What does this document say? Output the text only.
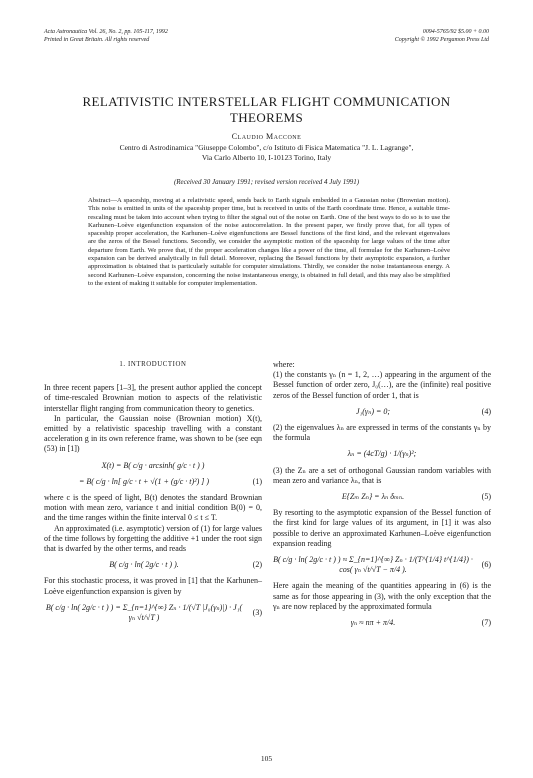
Acta Astronautica Vol. 26, No. 2, pp. 105-117, 1992
Printed in Great Britain. All rights reserved
0094-5765/92 $5.00 + 0.00
Copyright © 1992 Pergamon Press Ltd
RELATIVISTIC INTERSTELLAR FLIGHT COMMUNICATION
THEOREMS
Claudio Maccone
Centro di Astrodinamica "Giuseppe Colombo", c/o Istituto di Fisica Matematica "J. L. Lagrange",
Via Carlo Alberto 10, I-10123 Torino, Italy
(Received 30 January 1991; revised version received 4 July 1991)
Abstract—A spaceship, moving at a relativistic speed, sends back to Earth signals embedded in a Gaussian noise (Brownian motion). This noise is emitted in units of the spaceship proper time, but is received in units of the Earth coordinate time. Hence, a suitable time-rescaling must be taken into account when trying to filter the signal out of the noise on Earth. One of the best ways to do so is to use the Karhunen–Loève eigenfunction expansion of the noise autocorrelation. In the present paper, we firstly prove that, for all types of spaceship proper acceleration, the Karhunen–Loève eigenfunctions are Bessel functions of the first kind, and the relevant eigenvalues are the zeros of the Bessel functions. Secondly, we consider the asymptotic motion of the spaceship for large values of the time after departure from Earth. We prove that, if the proper acceleration changes like a power of the time, all formulae for the Karhunen–Loève expansion can be derived analytically in full detail. Moreover, replacing the Bessel functions by their asymptotic expansion, a further approximation is obtained that is particularly suitable for computer simulations. Thirdly, we consider the noise instantaneous energy. A second Karhunen–Loève expansion, concerning the noise instantaneous energy, is obtained in full detail, and this may also be simplified to the extent of making it suitable for computer implementation.
1. INTRODUCTION

In three recent papers [1–3], the present author applied the concept of time-rescaled Brownian motion to aspects of the relativistic interstellar flight ranging from communication theory to genetics.

In particular, the Gaussian noise (Brownian motion) X(t), emitted by a relativistic spaceship travelling with a constant acceleration g in its own reference frame, was shown to be (see eqn (53) in [1])

X(t) = B( c/g · arcsinh( g/c · t ) )
= B( c/g · ln[ g/c · t + √(1 + (g/c · t)²) ] )	(1)

where c is the speed of light, B(t) denotes the standard Brownian motion with mean zero, variance t and initial condition B(0) = 0, and the time ranges within the finite interval 0 ≤ t ≤ T.

An approximated (i.e. asymptotic) version of (1) for large values of the time follows by forgetting the additive +1 under the root sign that is dwarfed by the other terms, and reads

B( c/g · ln( 2g/c · t ) ).	(2)

For this stochastic process, it was proved in [1] that the Karhunen–Loève eigenfunction expansion is given by

B( c/g · ln( 2g/c · t ) ) = Σ_{n=1}^{∞} Zₙ · 1/(√T |J₀(γₙ)|) · J₁( γₙ √t/√T )
(3)

where:

(1) the constants γₙ (n = 1, 2, …) appearing in the argument of the Bessel function of order zero, J₀(…), are the (infinite) real positive zeros of the Bessel function of order 1, that is

J₁(γₙ) = 0;	(4)

(2) the eigenvalues λₙ are expressed in terms of the constants γₙ by the formula

λₙ = (4cT/g) · 1/(γₙ)²;

(3) the Zₙ are a set of orthogonal Gaussian random variables with mean zero and variance λₙ, that is

E{Zₘ Zₙ} = λₙ δₘₙ.	(5)

By resorting to the asymptotic expansion of the Bessel function of the first kind for large values of its argument, in [1] it was also possible to derive an approximated Karhunen–Loève eigenfunction expansion reading

B( c/g · ln( 2g/c · t ) ) ≈ Σ_{n=1}^{∞} Zₙ · 1/(T^{1/4} t^{1/4}) · cos( γₙ √t/√T − π/4 ).
(6)

Here again the meaning of the quantities appearing in (6) is the same as for those appearing in (3), with the only exception that the γₙ are now replaced by the approximated formula

γₙ ≈ nπ + π/4.	(7)
105
